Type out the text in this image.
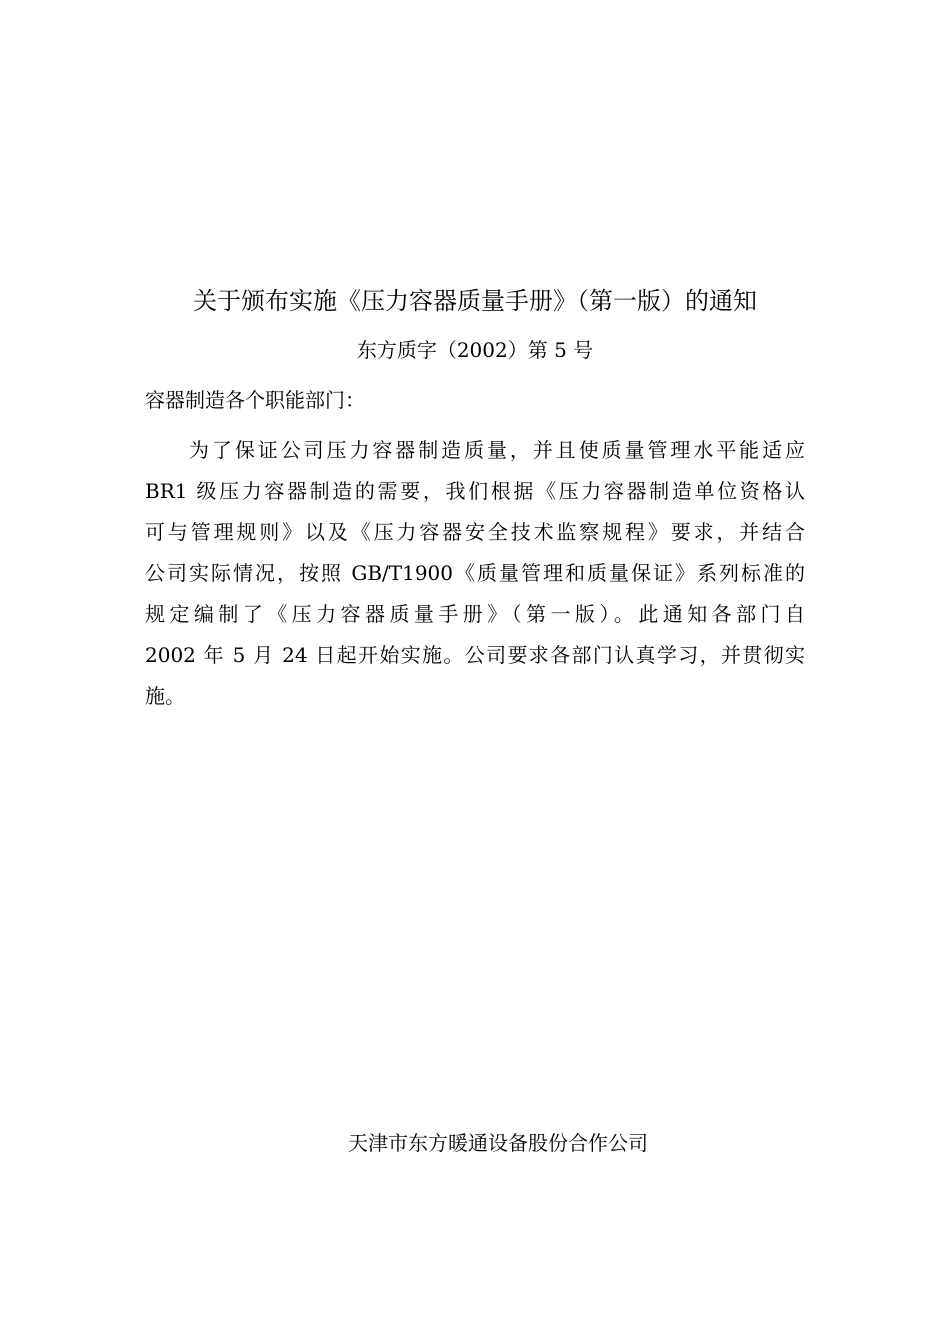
关于颁布实施《压力容器质量手册》（第一版）的通知
东方质字（2002）第 5 号
容器制造各个职能部门：
为了保证公司压力容器制造质量，并且使质量管理水平能适应
BR1 级压力容器制造的需要，我们根据《压力容器制造单位资格认
可与管理规则》以及《压力容器安全技术监察规程》要求，并结合
公司实际情况，按照 GB/T1900《质量管理和质量保证》系列标准的
规定编制了《压力容器质量手册》（第一版）。此通知各部门自
2002 年 5 月 24 日起开始实施。公司要求各部门认真学习，并贯彻实
施。
天津市东方暖通设备股份合作公司
